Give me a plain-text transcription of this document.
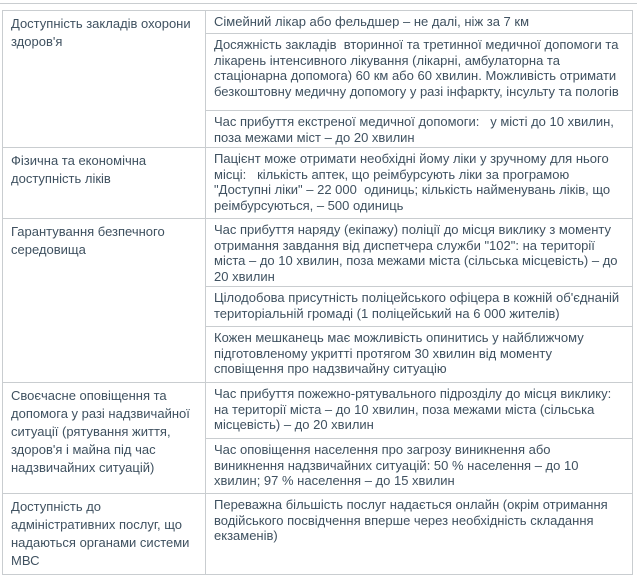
Доступність закладів охорони здоров'я	Сімейний лікар або фельдшер – не далі, ніж за 7 км
	Досяжність закладів  вторинної та третинної медичної допомоги та лікарень інтенсивного лікування (лікарні, амбулаторна та стаціонарна допомога) 60 км або 60 хвилин. Можливість отримати безкоштовну медичну допомогу у разі інфаркту, інсульту та пологів
	Час прибуття екстреної медичної допомоги:   у місті до 10 хвилин, поза межами міст – до 20 хвилин
Фізична та економічна доступність ліків	Пацієнт може отримати необхідні йому ліки у зручному для нього місці:   кількість аптек, що реімбурсують ліки за програмою "Доступні ліки" – 22 000  одиниць; кількість найменувань ліків, що реімбурсуються, – 500 одиниць
Гарантування безпечного середовища	Час прибуття наряду (екіпажу) поліції до місця виклику з моменту отримання завдання від диспетчера служби "102": на території міста – до 10 хвилин, поза межами міста (сільська місцевість) – до 20 хвилин
	Цілодобова присутність поліцейського офіцера в кожній об'єднаній територіальній громаді (1 поліцейський на 6 000 жителів)
	Кожен мешканець має можливість опинитись у найближчому підготовленому укритті протягом 30 хвилин від моменту сповіщення про надзвичайну ситуацію
Своєчасне оповіщення та допомога у разі надзвичайної ситуації (рятування життя, здоров'я і майна під час надзвичайних ситуацій)	Час прибуття пожежно-рятувального підрозділу до місця виклику: на території міста – до 10 хвилин, поза межами міста (сільська місцевість) – до 20 хвилин
	Час оповіщення населення про загрозу виникнення або виникнення надзвичайних ситуацій: 50 % населення – до 10 хвилин; 97 % населення – до 15 хвилин
Доступність до адміністративних послуг, що надаються органами системи МВС	Переважна більшість послуг надається онлайн (окрім отримання водійського посвідчення вперше через необхідність складання екзаменів)
